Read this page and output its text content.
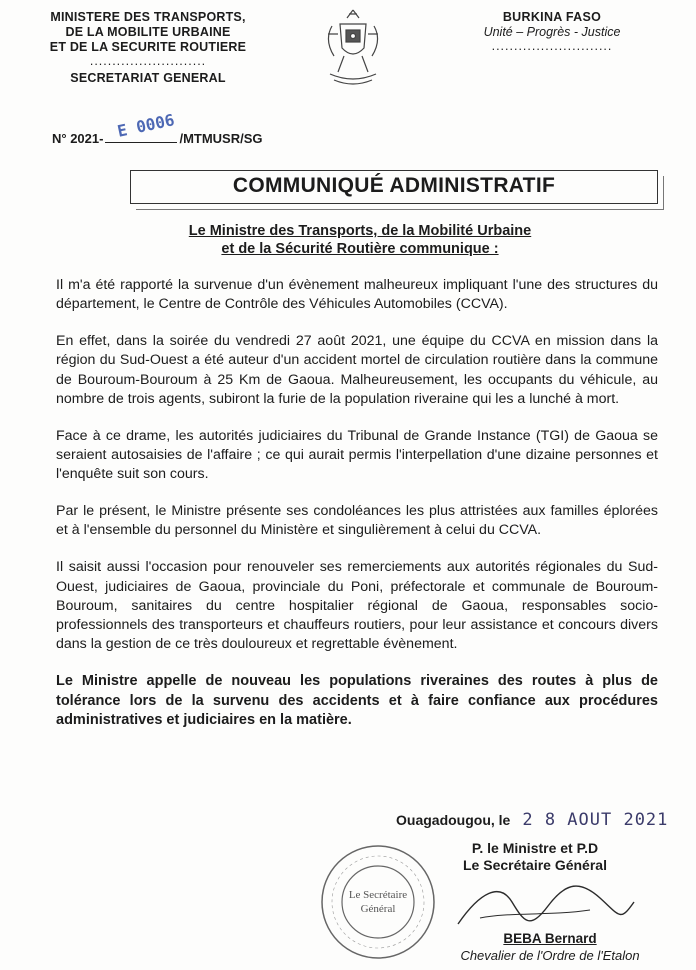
MINISTERE DES TRANSPORTS,
DE LA MOBILITE URBAINE
ET DE LA SECURITE ROUTIERE
..........................
SECRETARIAT GENERAL
BURKINA FASO
Unité – Progrès - Justice
...........................
N° 2021-	/MTMUSR/SG
E 0006
COMMUNIQUÉ ADMINISTRATIF
Le Ministre des Transports, de la Mobilité Urbaine
et de la Sécurité Routière communique :

Il m'a été rapporté la survenue d'un évènement malheureux impliquant l'une des structures du département, le Centre de Contrôle des Véhicules Automobiles (CCVA).

En effet, dans la soirée du vendredi 27 août 2021, une équipe du CCVA en mission dans la région du Sud-Ouest a été auteur d'un accident mortel de circulation routière dans la commune de Bouroum-Bouroum à 25 Km de Gaoua. Malheureusement, les occupants du véhicule, au nombre de trois agents, subiront la furie de la population riveraine qui les a lunché à mort.

Face à ce drame, les autorités judiciaires du Tribunal de Grande Instance (TGI) de Gaoua se seraient autosaisies de l'affaire ; ce qui aurait permis l'interpellation d'une dizaine personnes et l'enquête suit son cours.

Par le présent, le Ministre présente ses condoléances les plus attristées aux familles éplorées et à l'ensemble du personnel du Ministère et singulièrement à celui du CCVA.

Il saisit aussi l'occasion pour renouveler ses remerciements aux autorités régionales du Sud-Ouest, judiciaires de Gaoua, provinciale du Poni, préfectorale et communale de Bouroum-Bouroum, sanitaires du centre hospitalier régional de Gaoua, responsables socio-professionnels des transporteurs et chauffeurs routiers, pour leur assistance et concours divers dans la gestion de ce très douloureux et regrettable évènement.

Le Ministre appelle de nouveau les populations riveraines des routes à plus de tolérance lors de la survenu des accidents et à faire confiance aux procédures administratives et judiciaires en la matière.

Ouagadougou, le 2 8 AOUT 2021
P. le Ministre et P.D
Le Secrétaire Général
Le Secrétaire
Général
BEBA Bernard
Chevalier de l'Ordre de l'Etalon
